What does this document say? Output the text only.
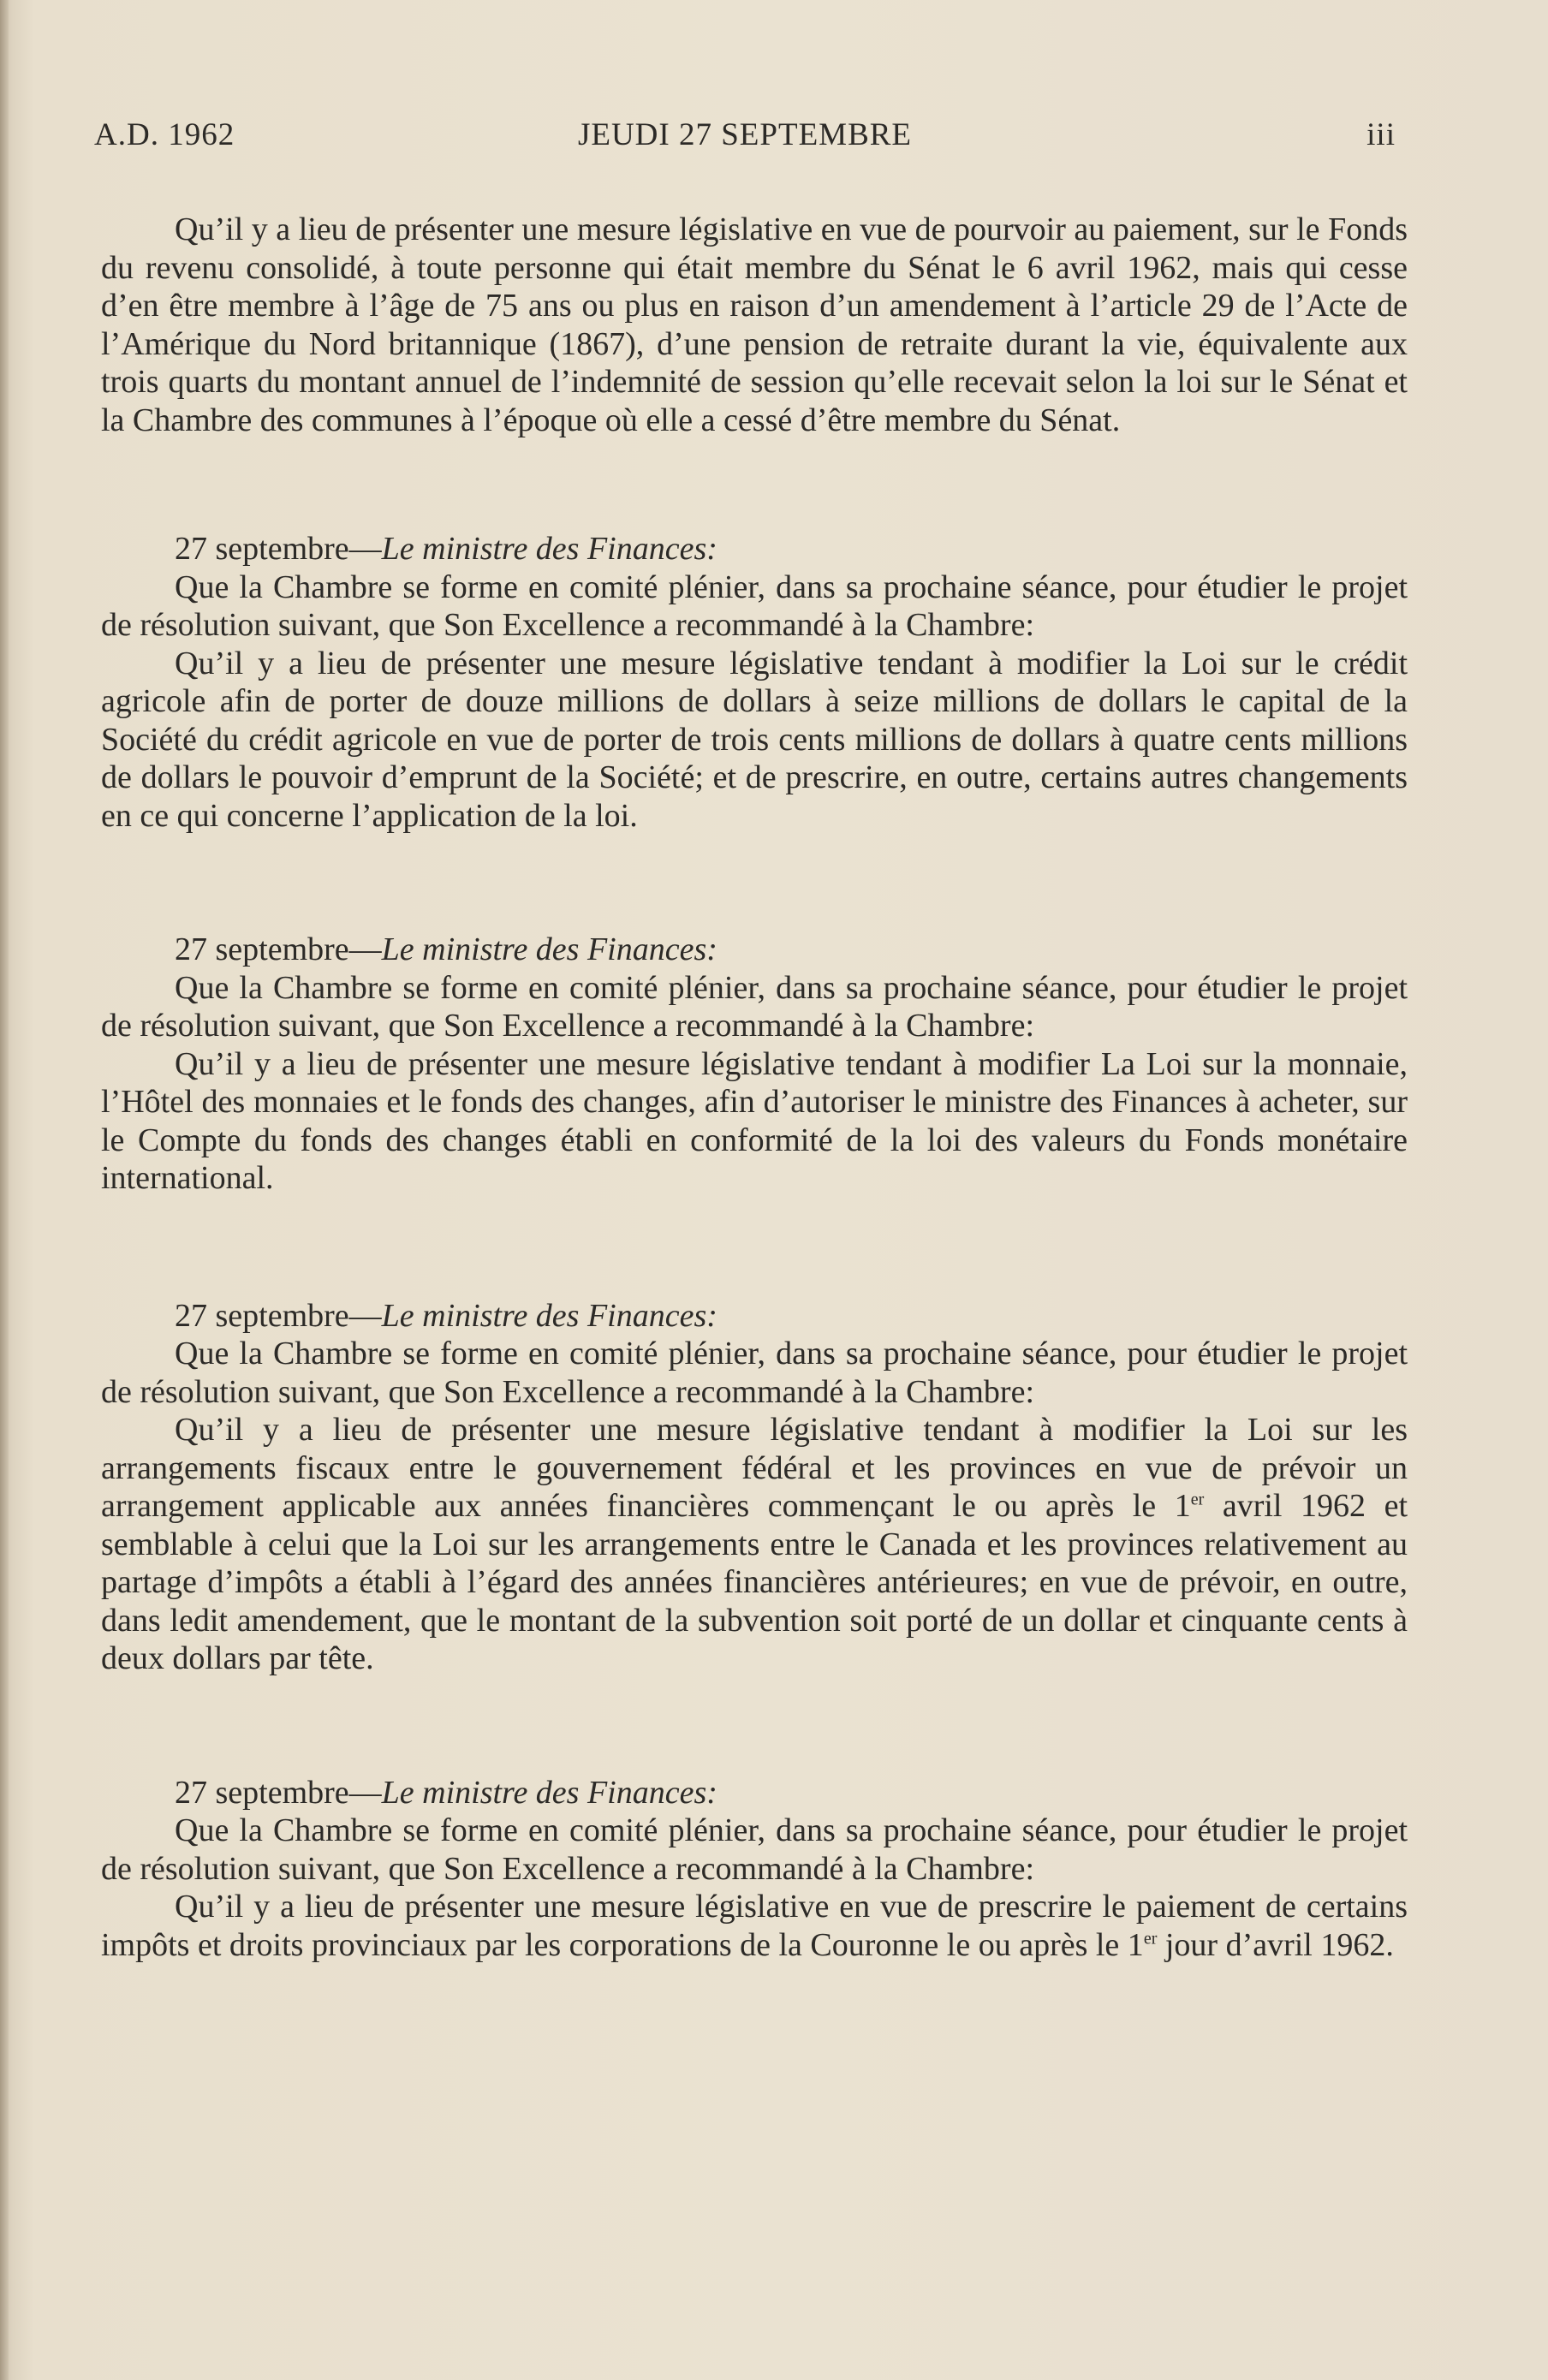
A.D. 1962	JEUDI 27 SEPTEMBRE	iii

Qu’il y a lieu de présenter une mesure législative en vue de pourvoir au paiement, sur le Fonds du revenu consolidé, à toute personne qui était membre du Sénat le 6 avril 1962, mais qui cesse d’en être membre à l’âge de 75 ans ou plus en raison d’un amendement à l’article 29 de l’Acte de l’Amérique du Nord britannique (1867), d’une pension de retraite durant la vie, équivalente aux trois quarts du montant annuel de l’indemnité de session qu’elle recevait selon la loi sur le Sénat et la Chambre des communes à l’époque où elle a cessé d’être membre du Sénat.

27 septembre—Le ministre des Finances:

Que la Chambre se forme en comité plénier, dans sa prochaine séance, pour étudier le projet de résolution suivant, que Son Excellence a recommandé à la Chambre:

Qu’il y a lieu de présenter une mesure législative tendant à modifier la Loi sur le crédit agricole afin de porter de douze millions de dollars à seize millions de dollars le capital de la Société du crédit agricole en vue de porter de trois cents millions de dollars à quatre cents millions de dollars le pouvoir d’emprunt de la Société; et de prescrire, en outre, certains autres changements en ce qui concerne l’application de la loi.

27 septembre—Le ministre des Finances:

Que la Chambre se forme en comité plénier, dans sa prochaine séance, pour étudier le projet de résolution suivant, que Son Excellence a recommandé à la Chambre:

Qu’il y a lieu de présenter une mesure législative tendant à modifier La Loi sur la monnaie, l’Hôtel des monnaies et le fonds des changes, afin d’autoriser le ministre des Finances à acheter, sur le Compte du fonds des changes établi en conformité de la loi des valeurs du Fonds monétaire international.

27 septembre—Le ministre des Finances:

Que la Chambre se forme en comité plénier, dans sa prochaine séance, pour étudier le projet de résolution suivant, que Son Excellence a recommandé à la Chambre:

Qu’il y a lieu de présenter une mesure législative tendant à modifier la Loi sur les arrangements fiscaux entre le gouvernement fédéral et les provinces en vue de prévoir un arrangement applicable aux années financières commençant le ou après le 1er avril 1962 et semblable à celui que la Loi sur les arrangements entre le Canada et les provinces relativement au partage d’impôts a établi à l’égard des années financières antérieures; en vue de prévoir, en outre, dans ledit amendement, que le montant de la subvention soit porté de un dollar et cinquante cents à deux dollars par tête.

27 septembre—Le ministre des Finances:

Que la Chambre se forme en comité plénier, dans sa prochaine séance, pour étudier le projet de résolution suivant, que Son Excellence a recommandé à la Chambre:

Qu’il y a lieu de présenter une mesure législative en vue de prescrire le paiement de certains impôts et droits provinciaux par les corporations de la Couronne le ou après le 1er jour d’avril 1962.
